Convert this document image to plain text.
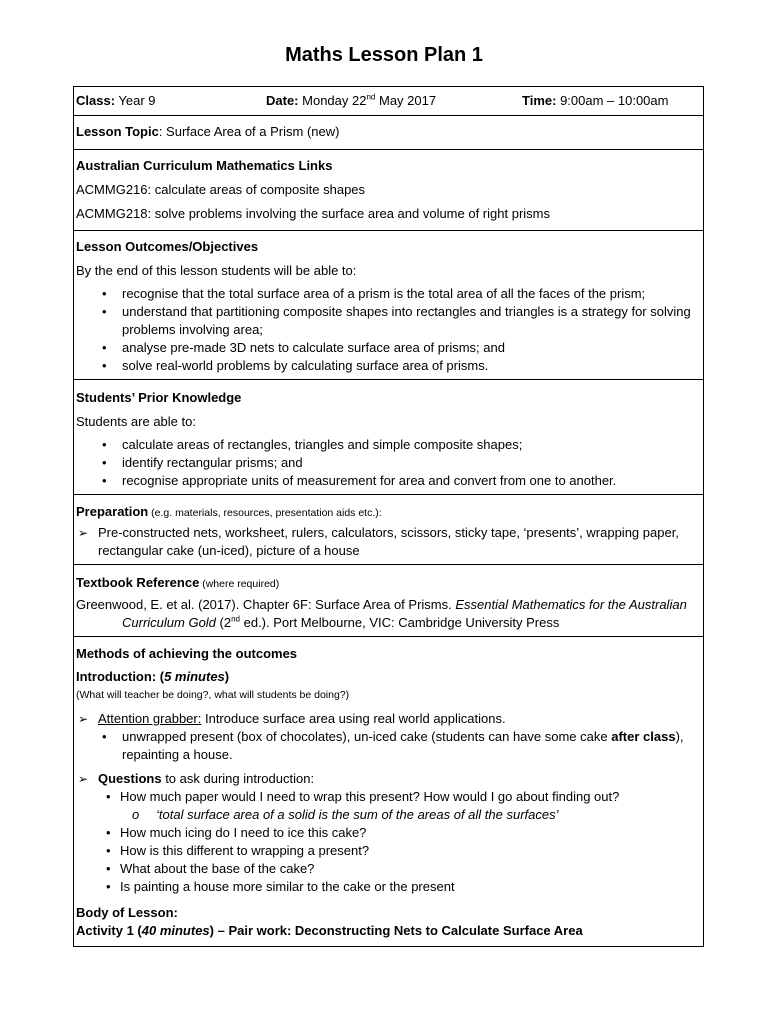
Maths Lesson Plan 1
Class: Year 9	Date: Monday 22nd May 2017	Time: 9:00am – 10:00am
Lesson Topic: Surface Area of a Prism (new)
Australian Curriculum Mathematics Links
ACMMG216: calculate areas of composite shapes
ACMMG218: solve problems involving the surface area and volume of right prisms
Lesson Outcomes/Objectives
By the end of this lesson students will be able to:
• recognise that the total surface area of a prism is the total area of all the faces of the prism;
• understand that partitioning composite shapes into rectangles and triangles is a strategy for solving problems involving area;
• analyse pre-made 3D nets to calculate surface area of prisms; and
• solve real-world problems by calculating surface area of prisms.
Students’ Prior Knowledge
Students are able to:
• calculate areas of rectangles, triangles and simple composite shapes;
• identify rectangular prisms; and
• recognise appropriate units of measurement for area and convert from one to another.
Preparation (e.g. materials, resources, presentation aids etc.):
➢ Pre-constructed nets, worksheet, rulers, calculators, scissors, sticky tape, ‘presents’, wrapping paper, rectangular cake (un-iced), picture of a house
Textbook Reference (where required)
Greenwood, E. et al. (2017). Chapter 6F: Surface Area of Prisms. Essential Mathematics for the Australian Curriculum Gold (2nd ed.). Port Melbourne, VIC: Cambridge University Press
Methods of achieving the outcomes
Introduction: (5 minutes)
(What will teacher be doing?, what will students be doing?)
➢ Attention grabber: Introduce surface area using real world applications.
• unwrapped present (box of chocolates), un-iced cake (students can have some cake after class), repainting a house.
➢ Questions to ask during introduction:
• How much paper would I need to wrap this present? How would I go about finding out?
o ‘total surface area of a solid is the sum of the areas of all the surfaces’
• How much icing do I need to ice this cake?
• How is this different to wrapping a present?
• What about the base of the cake?
• Is painting a house more similar to the cake or the present
Body of Lesson:
Activity 1 (40 minutes) – Pair work: Deconstructing Nets to Calculate Surface Area
